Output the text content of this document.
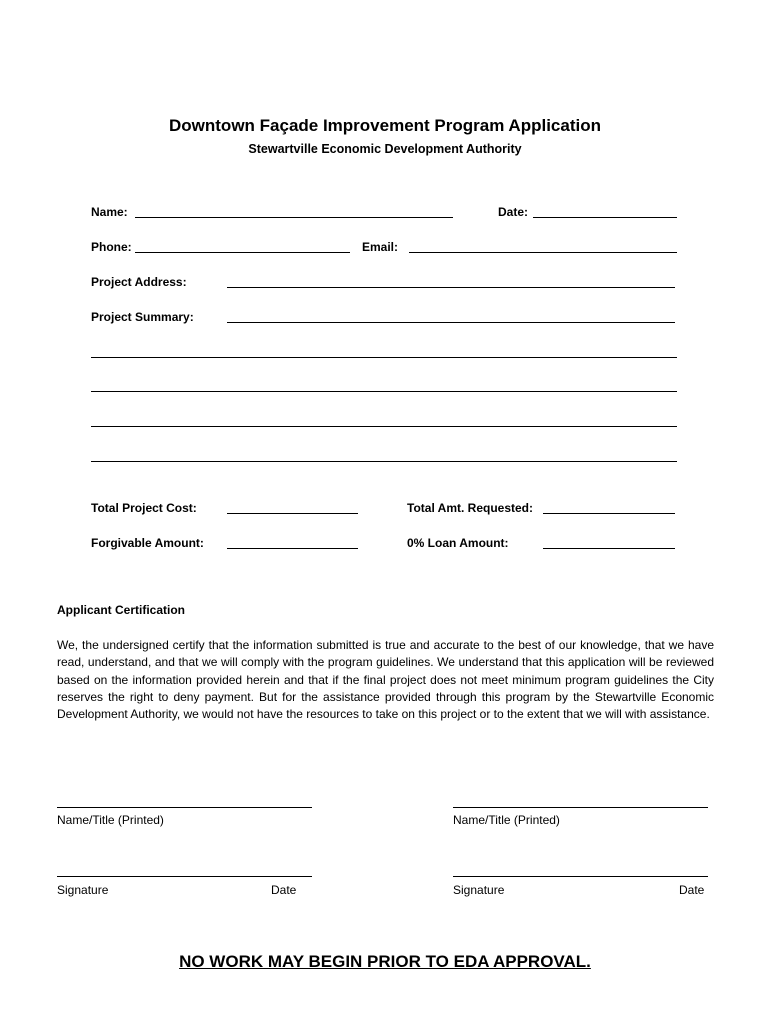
Downtown Façade Improvement Program Application
Stewartville Economic Development Authority
Name:	Date:
Phone:	Email:
Project Address:
Project Summary:
Total Project Cost:	Total Amt. Requested:
Forgivable Amount:	0% Loan Amount:
Applicant Certification
We, the undersigned certify that the information submitted is true and accurate to the best of our knowledge, that we have read, understand, and that we will comply with the program guidelines. We understand that this application will be reviewed based on the information provided herein and that if the final project does not meet minimum program guidelines the City reserves the right to deny payment. But for the assistance provided through this program by the Stewartville Economic Development Authority, we would not have the resources to take on this project or to the extent that we will with assistance.
Name/Title (Printed)	Name/Title (Printed)
Signature	Date	Signature	Date
NO WORK MAY BEGIN PRIOR TO EDA APPROVAL.
